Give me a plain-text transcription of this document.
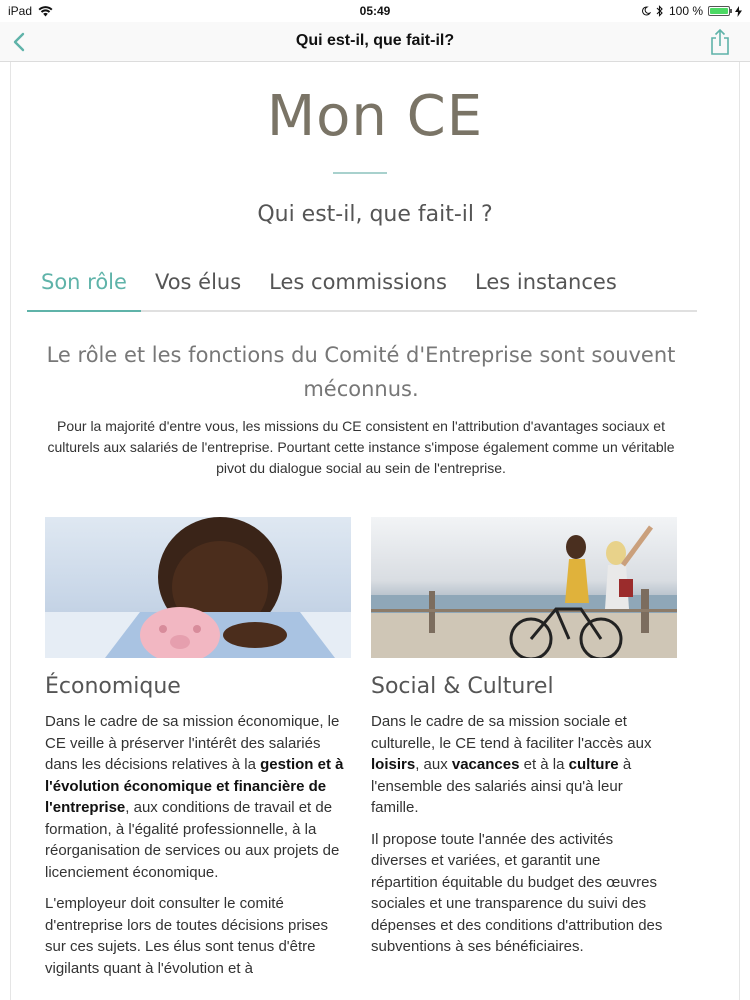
iPad	05:49	100 %
Qui est-il, que fait-il?
Mon CE
Qui est-il, que fait-il ?
Son rôle	Vos élus	Les commissions	Les instances
Le rôle et les fonctions du Comité d'Entreprise sont souvent méconnus.
Pour la majorité d'entre vous, les missions du CE consistent en l'attribution d'avantages sociaux et culturels aux salariés de l'entreprise. Pourtant cette instance s'impose également comme un véritable pivot du dialogue social au sein de l'entreprise.
Économique

Dans le cadre de sa mission économique, le CE veille à préserver l'intérêt des salariés dans les décisions relatives à la gestion et à l'évolution économique et financière de l'entreprise, aux conditions de travail et de formation, à l'égalité professionnelle, à la réorganisation de services ou aux projets de licenciement économique.

L'employeur doit consulter le comité d'entreprise lors de toutes décisions prises sur ces sujets. Les élus sont tenus d'être vigilants quant à l'évolution et à

Social & Culturel

Dans le cadre de sa mission sociale et culturelle, le CE tend à faciliter l'accès aux loisirs, aux vacances et à la culture à l'ensemble des salariés ainsi qu'à leur famille.

Il propose toute l'année des activités diverses et variées, et garantit une répartition équitable du budget des œuvres sociales et une transparence du suivi des dépenses et des conditions d'attribution des subventions à ses bénéficiaires.
